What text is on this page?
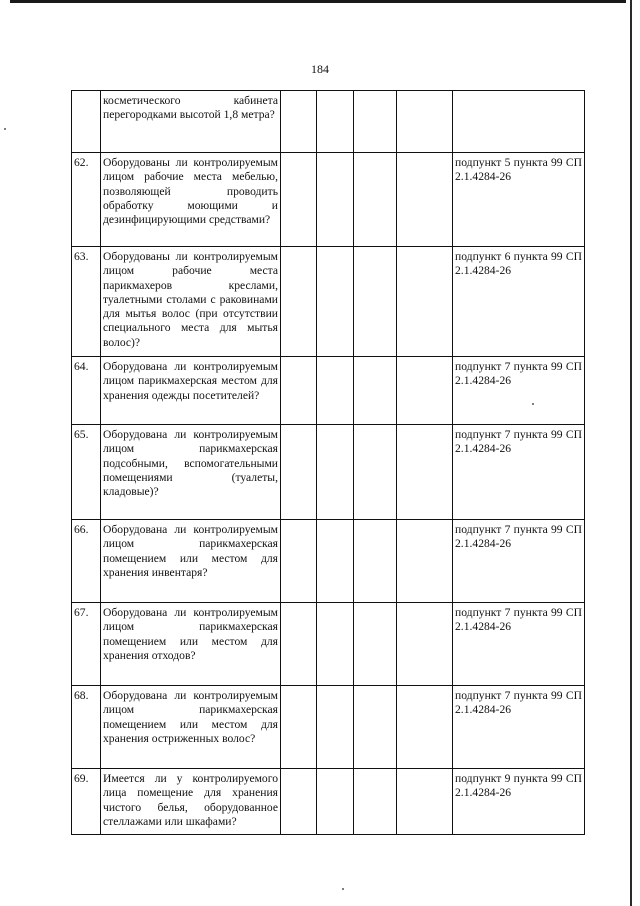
184
	косметического кабинета перегородками высотой 1,8 метра?					
62.	Оборудованы ли контролируемым лицом рабочие места мебелью, позволяющей проводить обработку моющими и дезинфицирующими средствами?					подпункт 5 пункта 99 СП 2.1.4284-26
63.	Оборудованы ли контролируемым лицом рабочие места парикмахеров креслами, туалетными столами с раковинами для мытья волос (при отсутствии специального места для мытья волос)?					подпункт 6 пункта 99 СП 2.1.4284-26
64.	Оборудована ли контролируемым лицом парикмахерская местом для хранения одежды посетителей?					подпункт 7 пункта 99 СП 2.1.4284-26
65.	Оборудована ли контролируемым лицом парикмахерская подсобными, вспомогательными помещениями (туалеты, кладовые)?					подпункт 7 пункта 99 СП 2.1.4284-26
66.	Оборудована ли контролируемым лицом парикмахерская помещением или местом для хранения инвентаря?					подпункт 7 пункта 99 СП 2.1.4284-26
67.	Оборудована ли контролируемым лицом парикмахерская помещением или местом для хранения отходов?					подпункт 7 пункта 99 СП 2.1.4284-26
68.	Оборудована ли контролируемым лицом парикмахерская помещением или местом для хранения остриженных волос?					подпункт 7 пункта 99 СП 2.1.4284-26
69.	Имеется ли у контролируемого лица помещение для хранения чистого белья, оборудованное стеллажами или шкафами?					подпункт 9 пункта 99 СП 2.1.4284-26
